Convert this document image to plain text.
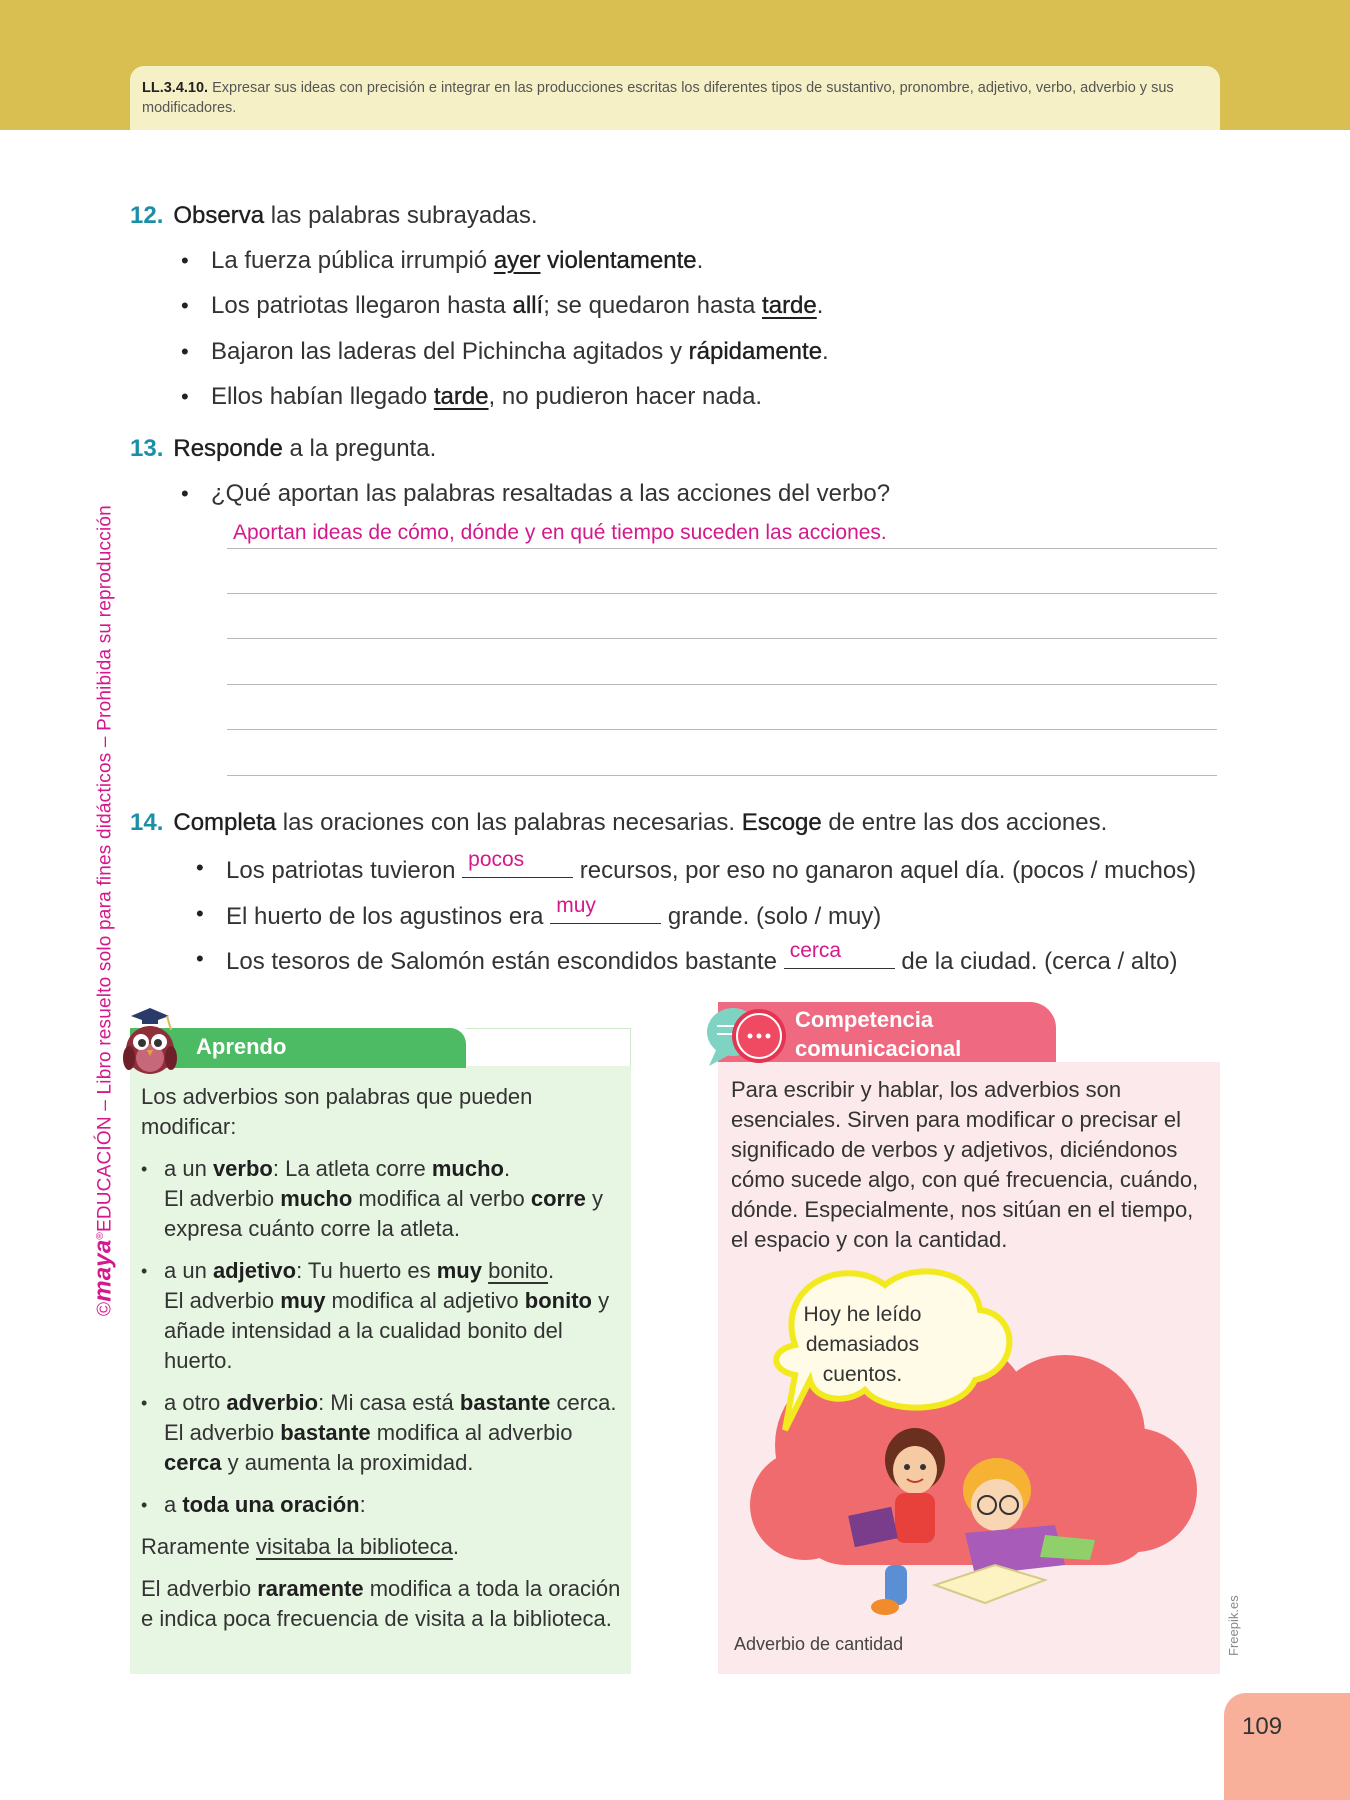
LL.3.4.10. Expresar sus ideas con precisión e integrar en las producciones escritas los diferentes tipos de sustantivo, pronombre, adjetivo, verbo, adverbio y sus modificadores.
©maya®EDUCACIÓN – Libro resuelto solo para fines didácticos – Prohibida su reproducción
12. Observa las palabras subrayadas.
• La fuerza pública irrumpió ayer violentamente.
• Los patriotas llegaron hasta allí; se quedaron hasta tarde.
• Bajaron las laderas del Pichincha agitados y rápidamente.
• Ellos habían llegado tarde, no pudieron hacer nada.
13. Responde a la pregunta.
• ¿Qué aportan las palabras resaltadas a las acciones del verbo?
Aportan ideas de cómo, dónde y en qué tiempo suceden las acciones.
14. Completa las oraciones con las palabras necesarias. Escoge de entre las dos acciones.
• Los patriotas tuvieron pocos recursos, por eso no ganaron aquel día. (pocos / muchos)
• El huerto de los agustinos era muy	grande. (solo / muy)
• Los tesoros de Salomón están escondidos bastante cerca de la ciudad. (cerca / alto)
Aprendo

Los adverbios son palabras que pueden modificar:

• a un verbo: La atleta corre mucho.
El adverbio mucho modifica al verbo corre y expresa cuánto corre la atleta.
• a un adjetivo: Tu huerto es muy bonito.
El adverbio muy modifica al adjetivo bonito y añade intensidad a la cualidad bonito del huerto.
• a otro adverbio: Mi casa está bastante cerca.
El adverbio bastante modifica al adverbio cerca y aumenta la proximidad.
• a toda una oración:

Raramente visitaba la biblioteca.

El adverbio raramente modifica a toda la oración e indica poca frecuencia de visita a la biblioteca.

Competencia
comunicacional
Para escribir y hablar, los adverbios son esenciales. Sirven para modificar o precisar el significado de verbos y adjetivos, diciéndonos cómo sucede algo, con qué frecuencia, cuándo, dónde. Especialmente, nos sitúan en el tiempo, el espacio y con la cantidad.
Hoy he leído demasiados cuentos.
Adverbio de cantidad	Freepik.es
109
